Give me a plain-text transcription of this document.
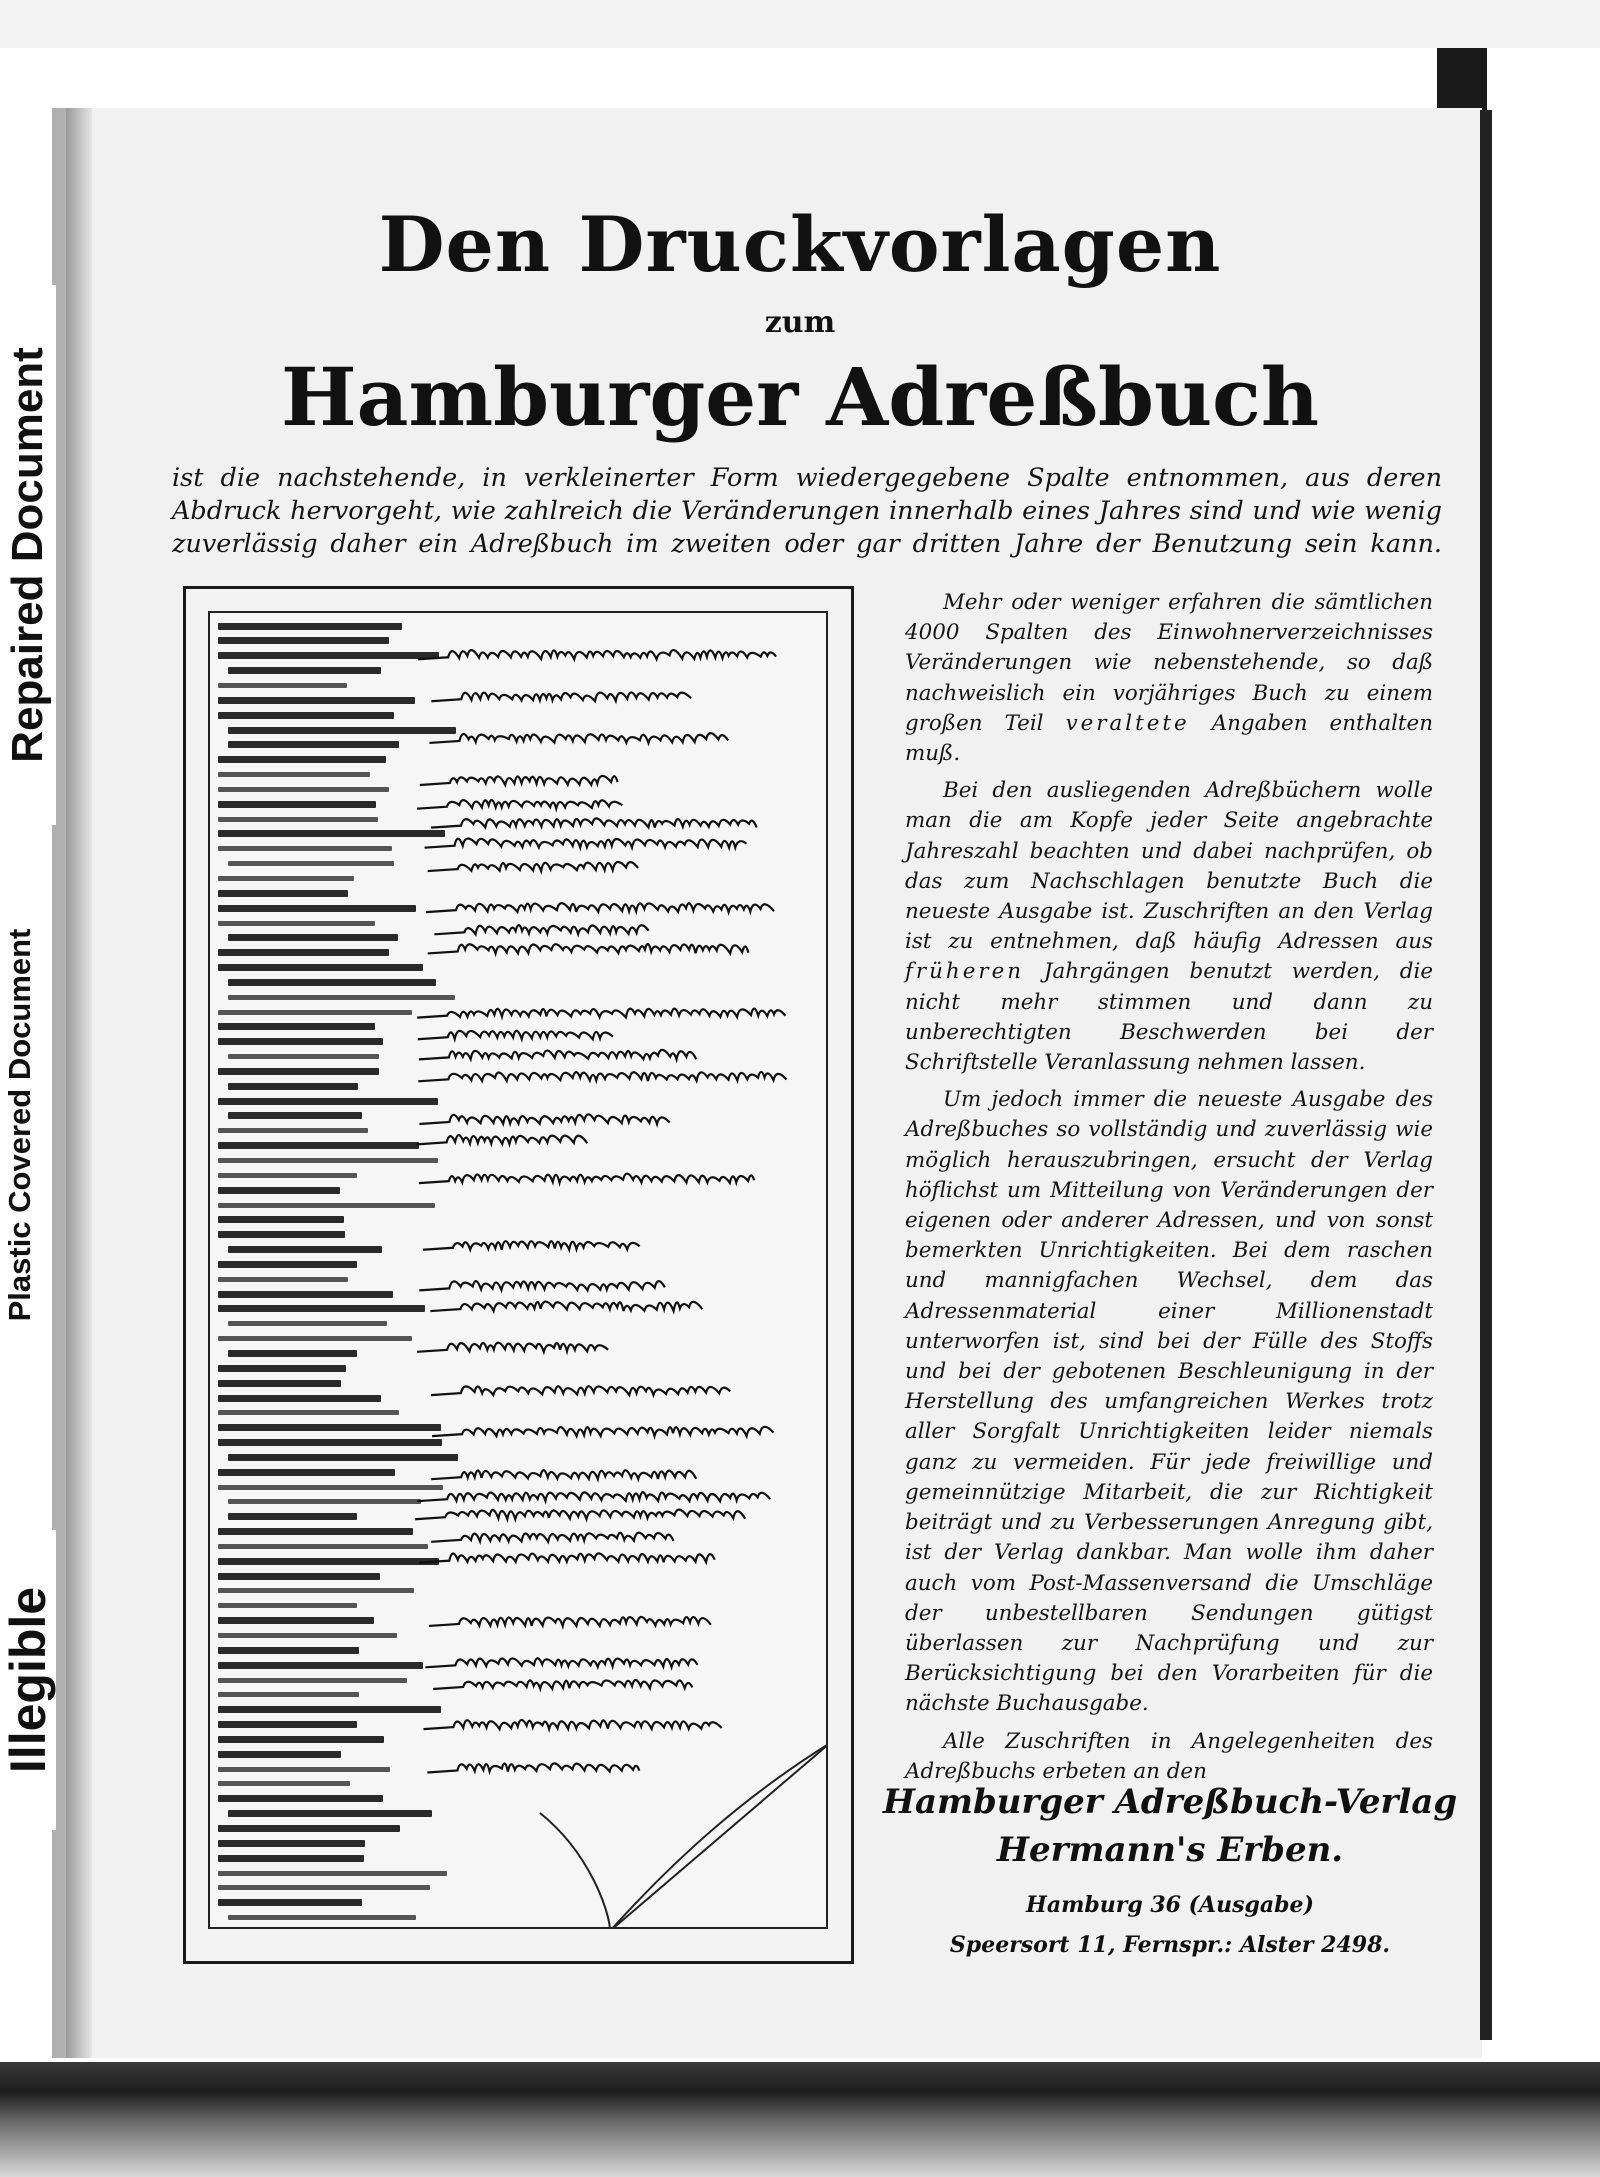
Repaired Document
Plastic Covered Document
Illegible
Den Druckvorlagen
zum
Hamburger Adreßbuch
ist die nachstehende, in verkleinerter Form wiedergegebene Spalte entnommen, aus deren Abdruck hervorgeht, wie zahlreich die Veränderungen innerhalb eines Jahres sind und wie wenig zuverlässig daher ein Adreßbuch im zweiten oder gar dritten Jahre der Benutzung sein kann.

Mehr oder weniger erfahren die sämtlichen 4000 Spalten des Einwohnerverzeichnisses Veränderungen wie nebenstehende, so daß nachweislich ein vorjähriges Buch zu einem großen Teil veraltete Angaben enthalten muß.

Bei den ausliegenden Adreßbüchern wolle man die am Kopfe jeder Seite angebrachte Jahreszahl beachten und dabei nachprüfen, ob das zum Nachschlagen benutzte Buch die neueste Ausgabe ist. Zuschriften an den Verlag ist zu entnehmen, daß häufig Adressen aus früheren Jahrgängen benutzt werden, die nicht mehr stimmen und dann zu unberechtigten Beschwerden bei der Schriftstelle Veranlassung nehmen lassen.

Um jedoch immer die neueste Ausgabe des Adreßbuches so vollständig und zuverlässig wie möglich herauszubringen, ersucht der Verlag höflichst um Mitteilung von Veränderungen der eigenen oder anderer Adressen, und von sonst bemerkten Unrichtigkeiten. Bei dem raschen und mannigfachen Wechsel, dem das Adressenmaterial einer Millionenstadt unterworfen ist, sind bei der Fülle des Stoffs und bei der gebotenen Beschleunigung in der Herstellung des umfangreichen Werkes trotz aller Sorgfalt Unrichtigkeiten leider niemals ganz zu vermeiden. Für jede freiwillige und gemeinnützige Mitarbeit, die zur Richtigkeit beiträgt und zu Verbesserungen Anregung gibt, ist der Verlag dankbar. Man wolle ihm daher auch vom Post-Massenversand die Umschläge der unbestellbaren Sendungen gütigst überlassen zur Nachprüfung und zur Berücksichtigung bei den Vorarbeiten für die nächste Buchausgabe.

Alle Zuschriften in Angelegenheiten des Adreßbuchs erbeten an den

Hamburger Adreßbuch-Verlag
Hermann's Erben.
Hamburg 36 (Ausgabe)
Speersort 11, Fernspr.: Alster 2498.
